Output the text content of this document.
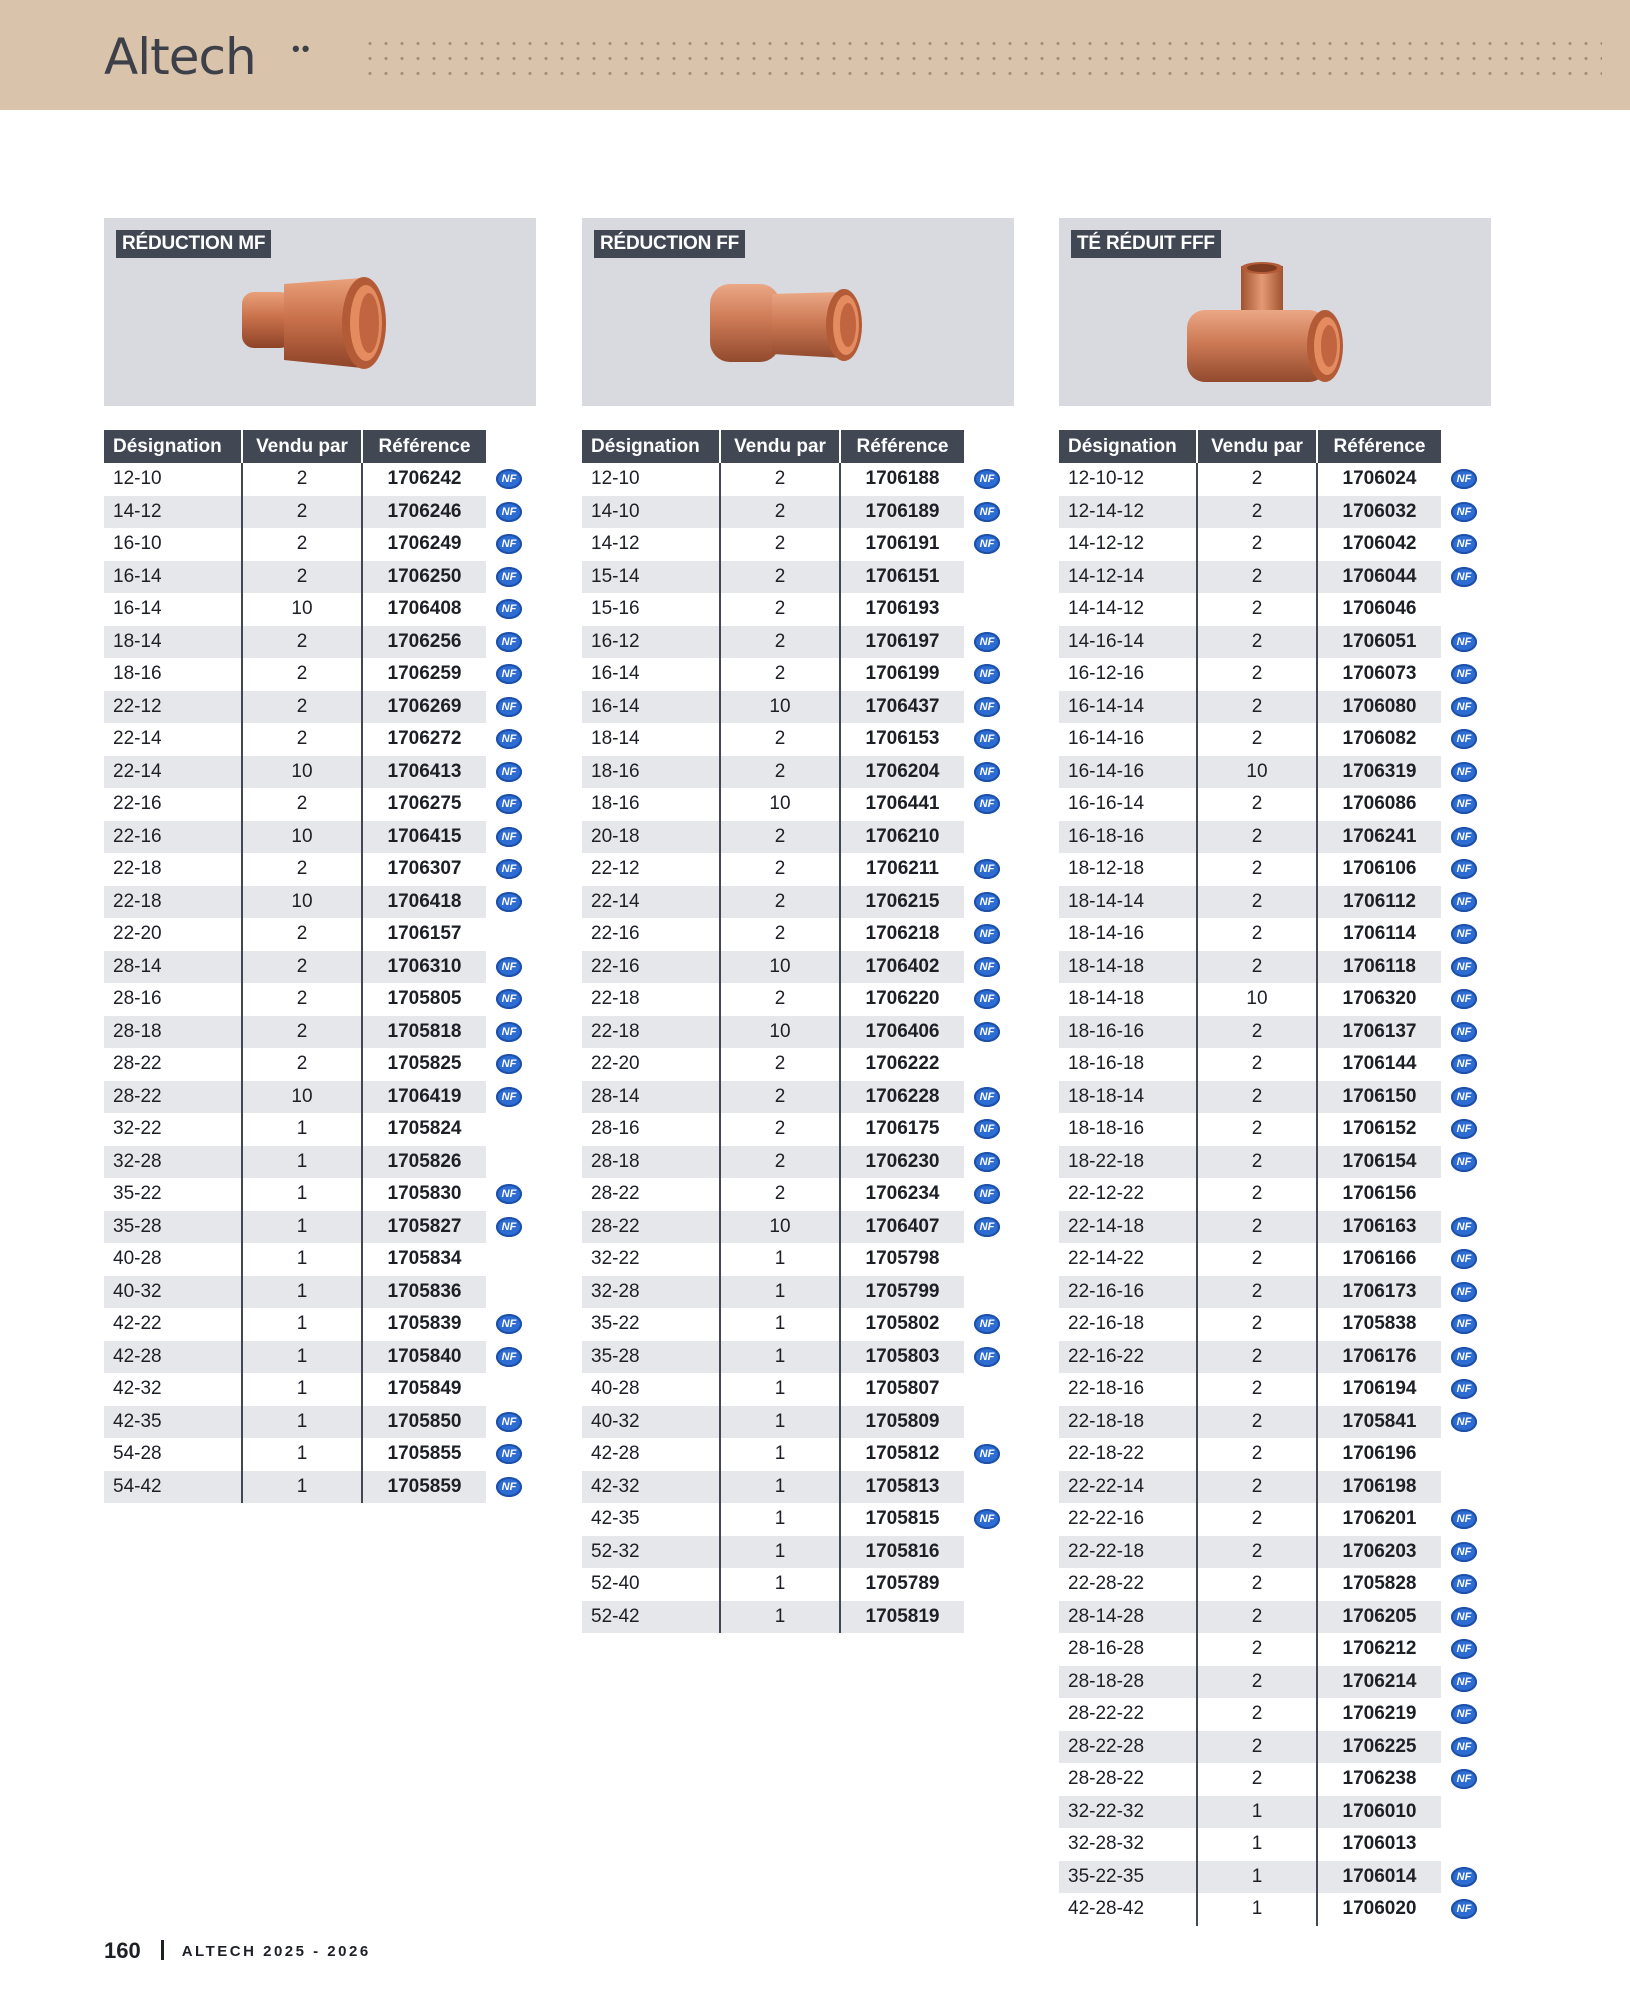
Altech ••
RÉDUCTION MF
Désignation	Vendu par	Référence	
12-10	2	1706242	NF
14-12	2	1706246	NF
16-10	2	1706249	NF
16-14	2	1706250	NF
16-14	10	1706408	NF
18-14	2	1706256	NF
18-16	2	1706259	NF
22-12	2	1706269	NF
22-14	2	1706272	NF
22-14	10	1706413	NF
22-16	2	1706275	NF
22-16	10	1706415	NF
22-18	2	1706307	NF
22-18	10	1706418	NF
22-20	2	1706157	
28-14	2	1706310	NF
28-16	2	1705805	NF
28-18	2	1705818	NF
28-22	2	1705825	NF
28-22	10	1706419	NF
32-22	1	1705824	
32-28	1	1705826	
35-22	1	1705830	NF
35-28	1	1705827	NF
40-28	1	1705834	
40-32	1	1705836	
42-22	1	1705839	NF
42-28	1	1705840	NF
42-32	1	1705849	
42-35	1	1705850	NF
54-28	1	1705855	NF
54-42	1	1705859	NF
RÉDUCTION FF
Désignation	Vendu par	Référence	
12-10	2	1706188	NF
14-10	2	1706189	NF
14-12	2	1706191	NF
15-14	2	1706151	
15-16	2	1706193	
16-12	2	1706197	NF
16-14	2	1706199	NF
16-14	10	1706437	NF
18-14	2	1706153	NF
18-16	2	1706204	NF
18-16	10	1706441	NF
20-18	2	1706210	
22-12	2	1706211	NF
22-14	2	1706215	NF
22-16	2	1706218	NF
22-16	10	1706402	NF
22-18	2	1706220	NF
22-18	10	1706406	NF
22-20	2	1706222	
28-14	2	1706228	NF
28-16	2	1706175	NF
28-18	2	1706230	NF
28-22	2	1706234	NF
28-22	10	1706407	NF
32-22	1	1705798	
32-28	1	1705799	
35-22	1	1705802	NF
35-28	1	1705803	NF
40-28	1	1705807	
40-32	1	1705809	
42-28	1	1705812	NF
42-32	1	1705813	
42-35	1	1705815	NF
52-32	1	1705816	
52-40	1	1705789	
52-42	1	1705819	
TÉ RÉDUIT FFF
Désignation	Vendu par	Référence	
12-10-12	2	1706024	NF
12-14-12	2	1706032	NF
14-12-12	2	1706042	NF
14-12-14	2	1706044	NF
14-14-12	2	1706046	
14-16-14	2	1706051	NF
16-12-16	2	1706073	NF
16-14-14	2	1706080	NF
16-14-16	2	1706082	NF
16-14-16	10	1706319	NF
16-16-14	2	1706086	NF
16-18-16	2	1706241	NF
18-12-18	2	1706106	NF
18-14-14	2	1706112	NF
18-14-16	2	1706114	NF
18-14-18	2	1706118	NF
18-14-18	10	1706320	NF
18-16-16	2	1706137	NF
18-16-18	2	1706144	NF
18-18-14	2	1706150	NF
18-18-16	2	1706152	NF
18-22-18	2	1706154	NF
22-12-22	2	1706156	
22-14-18	2	1706163	NF
22-14-22	2	1706166	NF
22-16-16	2	1706173	NF
22-16-18	2	1705838	NF
22-16-22	2	1706176	NF
22-18-16	2	1706194	NF
22-18-18	2	1705841	NF
22-18-22	2	1706196	
22-22-14	2	1706198	
22-22-16	2	1706201	NF
22-22-18	2	1706203	NF
22-28-22	2	1705828	NF
28-14-28	2	1706205	NF
28-16-28	2	1706212	NF
28-18-28	2	1706214	NF
28-22-22	2	1706219	NF
28-22-28	2	1706225	NF
28-28-22	2	1706238	NF
32-22-32	1	1706010	
32-28-32	1	1706013	
35-22-35	1	1706014	NF
42-28-42	1	1706020	NF
160	ALTECH 2025 - 2026
